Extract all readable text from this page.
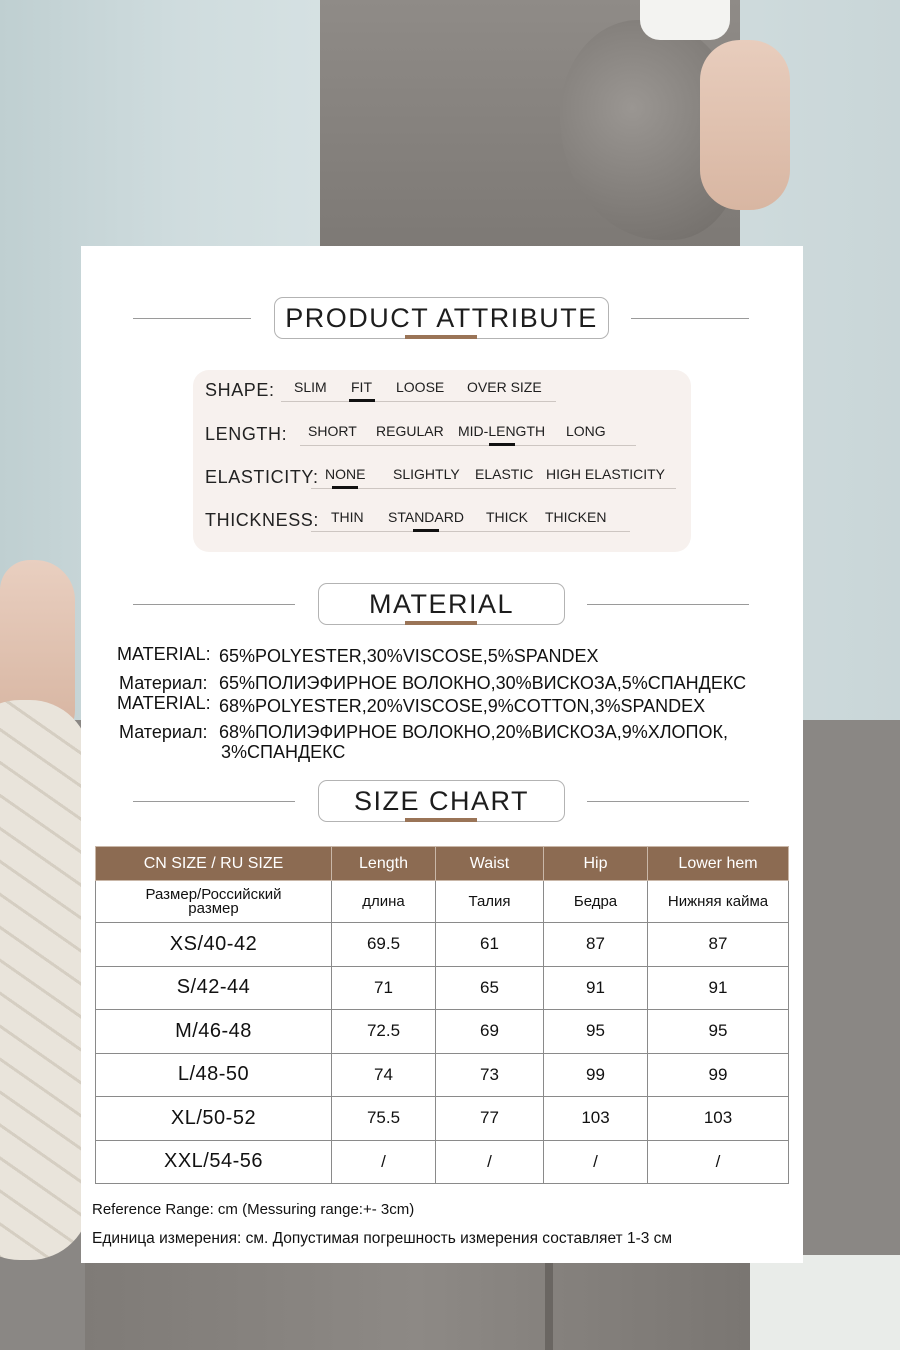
PRODUCT ATTRIBUTE
SHAPE: SLIM FIT LOOSE OVER SIZE
LENGTH: SHORT REGULAR MID-LENGTH LONG
ELASTICITY: NONE SLIGHTLY ELASTIC HIGH ELASTICITY
THICKNESS: THIN STANDARD THICK THICKEN
MATERIAL
MATERIAL: 65%POLYESTER,30%VISCOSE,5%SPANDEX
Материал: 65%ПОЛИЭФИРНОЕ ВОЛОКНО,30%ВИСКОЗА,5%СПАНДЕКС
MATERIAL: 68%POLYESTER,20%VISCOSE,9%COTTON,3%SPANDEX
Материал: 68%ПОЛИЭФИРНОЕ ВОЛОКНО,20%ВИСКОЗА,9%ХЛОПОК,
3%СПАНДЕКС
SIZE CHART
CN SIZE / RU SIZE	Length	Waist	Hip	Lower hem
Размер/Российский размер	длина	Талия	Бедра	Нижняя кайма
XS/40-42	69.5	61	87	87
S/42-44	71	65	91	91
M/46-48	72.5	69	95	95
L/48-50	74	73	99	99
XL/50-52	75.5	77	103	103
XXL/54-56	/	/	/	/
Reference Range: cm (Messuring range:+- 3cm)
Единица измерения: см. Допустимая погрешность измерения составляет 1-3 см
